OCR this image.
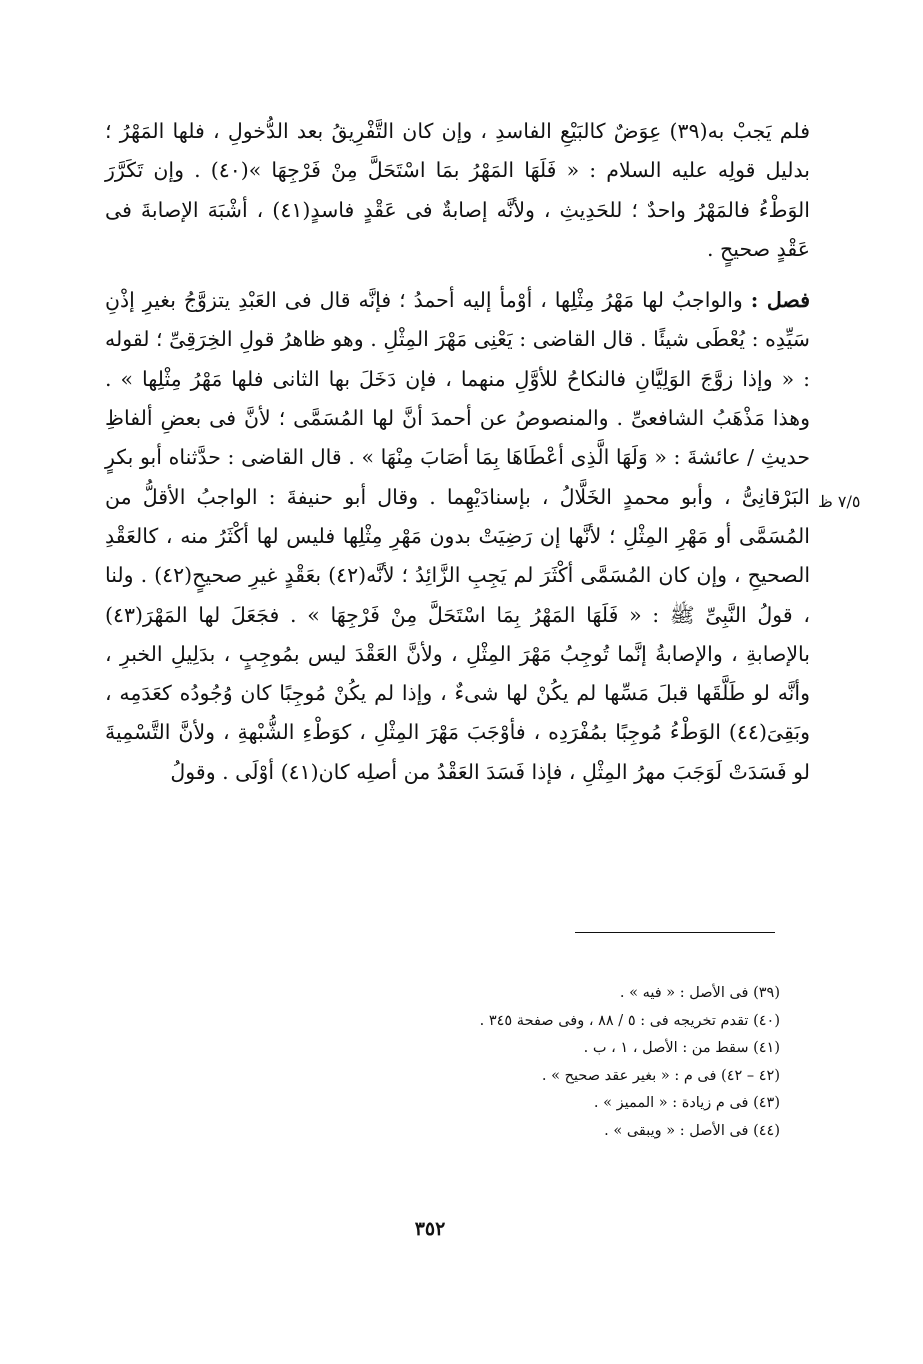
فلم يَجبْ به(٣٩) عِوَضٌ كالبَيْعِ الفاسدِ ، وإن كان التَّفْرِيقُ بعد الدُّخولِ ، فلها المَهْرُ ؛ بدليل قولِه عليه السلام : « فَلَهَا المَهْرُ بمَا اسْتَحَلَّ مِنْ فَرْجِهَا »(٤٠) . وإن تَكَرَّرَ الوَطْءُ فالمَهْرُ واحدٌ ؛ للحَدِيثِ ، ولأنَّه إصابةٌ فى عَقْدٍ فاسدٍ(٤١) ، أشْبَهَ الإصابةَ فى عَقْدٍ صحيحٍ .

فصل : والواجبُ لها مَهْرُ مِثْلِها ، أوْمأ إليه أحمدُ ؛ فإنَّه قال فى العَبْدِ يتزوَّجُ بغيرِ إذْنِ سَيِّدِه : يُعْطَى شيئًا . قال القاضى : يَعْنِى مَهْرَ المِثْلِ . وهو ظاهرُ قولِ الخِرَقِىِّ ؛ لقوله : « وإذا زوَّجَ الوَلِيَّانِ فالنكاحُ للأوَّلِ منهما ، فإن دَخَلَ بها الثانى فلها مَهْرُ مِثْلِها » . وهذا مَذْهَبُ الشافعىِّ . والمنصوصُ عن أحمدَ أنَّ لها المُسَمَّى ؛ لأنَّ فى بعضِ ألفاظِ حديثِ / عائشةَ : « وَلَهَا الَّذِى أعْطَاهَا بِمَا أصَابَ مِنْهَا » . قال القاضى : حدَّثناه أبو بكرٍ البَرْقانِىُّ ، وأبو محمدٍ الخَلَّالُ ، بإسنادَيْهِما . وقال أبو حنيفةَ : الواجبُ الأقلُّ من المُسَمَّى أو مَهْرِ المِثْلِ ؛ لأنَّها إن رَضِيَتْ بدون مَهْرِ مِثْلِها فليس لها أكْثَرُ منه ، كالعَقْدِ الصحيحِ ، وإن كان المُسَمَّى أكْثَرَ لم يَجِبِ الزَّائِدُ ؛ لأنَّه(٤٢) بعَقْدٍ غيرِ صحيحٍ(٤٢) . ولنا ، قولُ النَّبِىِّ ﷺ : « فَلَهَا المَهْرُ بِمَا اسْتَحَلَّ مِنْ فَرْجِهَا » . فجَعَلَ لها المَهْرَ(٤٣) بالإصابةِ ، والإصابةُ إنَّما تُوجِبُ مَهْرَ المِثْلِ ، ولأنَّ العَقْدَ ليس بمُوجِبٍ ، بدَلِيلِ الخبرِ ، وأنَّه لو طَلَّقَها قبلَ مَسِّها لم يكُنْ لها شىءٌ ، وإذا لم يكُنْ مُوجِبًا كان وُجُودُه كعَدَمِه ، وبَقِىَ(٤٤) الوَطْءُ مُوجِبًا بمُفْرَدِه ، فأوْجَبَ مَهْرَ المِثْلِ ، كوَطْءِ الشُّبْهةِ ، ولأنَّ التَّسْمِيةَ لو فَسَدَتْ لَوَجَبَ مهرُ المِثْلِ ، فإذا فَسَدَ العَقْدُ من أصلِه كان(٤١) أوْلَى . وقولُ

٧/٥ ظ
(٣٩) فى الأصل : « فيه » .
(٤٠) تقدم تخريجه فى : ٥ / ٨٨ ، وفى صفحة ٣٤٥ .
(٤١) سقط من : الأصل ، ١ ، ب .
(٤٢ – ٤٢) فى م : « بغير عقد صحيح » .
(٤٣) فى م زيادة : « المميز » .
(٤٤) فى الأصل : « ويبقى » .
٣٥٢
